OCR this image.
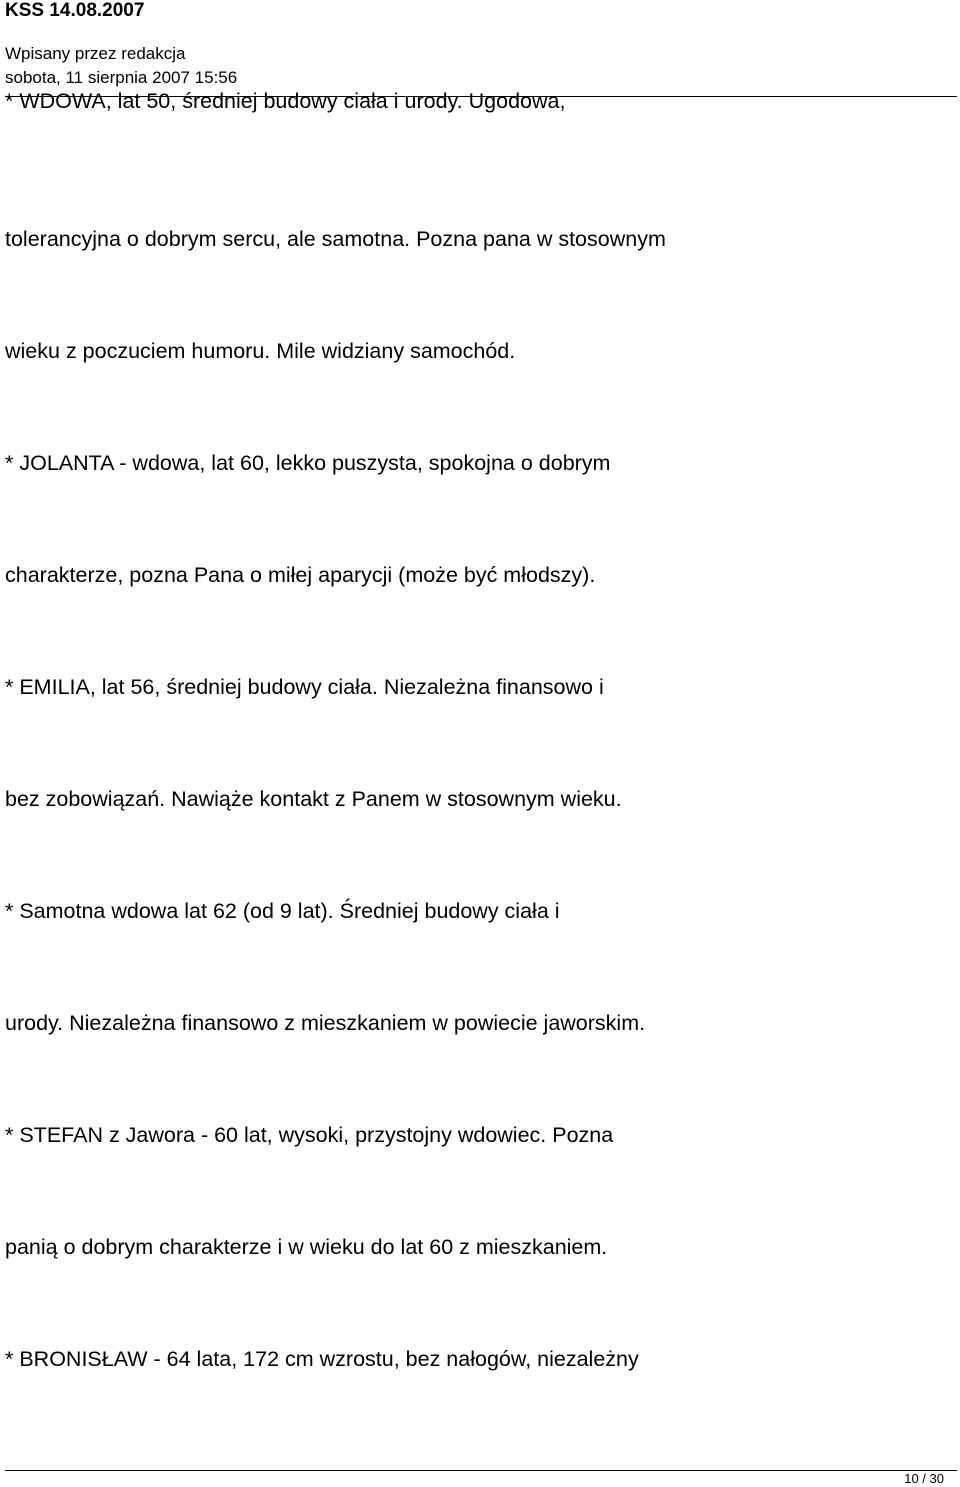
KSS 14.08.2007
Wpisany przez redakcja
sobota, 11 sierpnia 2007 15:56
* WDOWA, lat 50, średniej budowy ciała i urody. Ugodowa,
tolerancyjna o dobrym sercu, ale samotna. Pozna pana w stosownym
wieku z poczuciem humoru. Mile widziany samochód.
* JOLANTA - wdowa, lat 60, lekko puszysta, spokojna o dobrym
charakterze, pozna Pana o miłej aparycji (może być młodszy).
* EMILIA, lat 56, średniej budowy ciała. Niezależna finansowo i
bez zobowiązań. Nawiąże kontakt z Panem w stosownym wieku.
* Samotna wdowa lat 62 (od 9 lat). Średniej budowy ciała i
urody. Niezależna finansowo z mieszkaniem w powiecie jaworskim.
* STEFAN z Jawora - 60 lat, wysoki, przystojny wdowiec. Pozna
panią o dobrym charakterze i w wieku do lat 60 z mieszkaniem.
* BRONISŁAW - 64 lata, 172 cm wzrostu, bez nałogów, niezależny
10 / 30
